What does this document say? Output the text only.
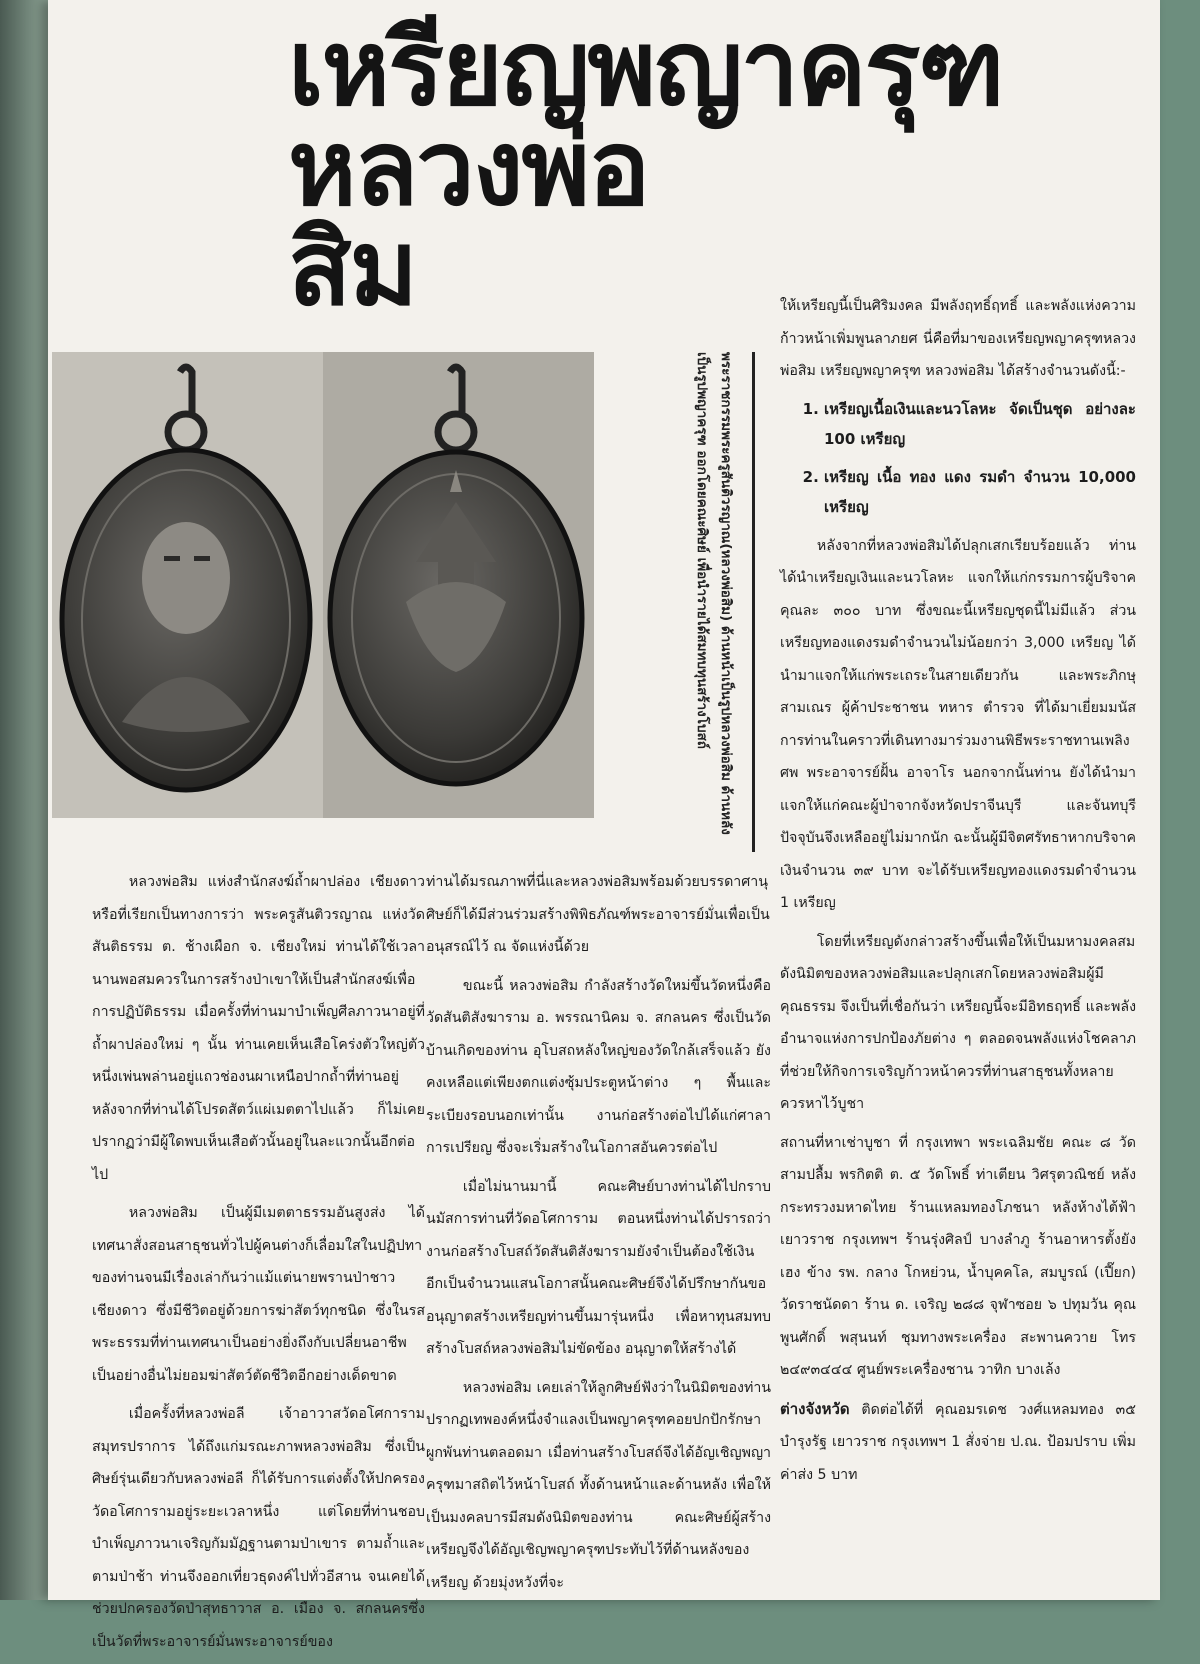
เหรียญพญาครุฑ
หลวงพ่อ
สิม
พระราชกรรมพระครูสันติวรญาณ(หลวงพ่อสิม) ด้านหน้าเป็นรูปหลวงพ่อสิม ด้านหลังเป็นรูปพญาครุฑ ออกโดยคณะศิษย์ เพื่อนำรายได้สมทบทุนสร้างโบสถ์

หลวงพ่อสิม แห่งสำนักสงฆ์ถ้ำผาปล่อง เชียงดาว หรือที่เรียกเป็นทางการว่า พระครูสันติวรญาณ แห่งวัดสันติธรรม ต. ช้างเผือก จ. เชียงใหม่ ท่านได้ใช้เวลานานพอสมควรในการสร้างป่าเขาให้เป็นสำนักสงฆ์เพื่อการปฏิบัติธรรม เมื่อครั้งที่ท่านมาบำเพ็ญศีลภาวนาอยู่ที่ถ้ำผาปล่องใหม่ ๆ นั้น ท่านเคยเห็นเสือโคร่งตัวใหญ่ตัวหนึ่งเพ่นพล่านอยู่แถวช่องนผาเหนือปากถ้ำที่ท่านอยู่ หลังจากที่ท่านได้โปรดสัตว์แผ่เมตตาไปแล้ว ก็ไม่เคยปรากฏว่ามีผู้ใดพบเห็นเสือตัวนั้นอยู่ในละแวกนั้นอีกต่อไป

หลวงพ่อสิม เป็นผู้มีเมตตาธรรมอันสูงส่ง ได้เทศนาสั่งสอนสาธุชนทั่วไปผู้คนต่างก็เลื่อมใสในปฏิปทาของท่านจนมีเรื่องเล่ากันว่าแม้แต่นายพรานป่าชาวเชียงดาว ซึ่งมีชีวิตอยู่ด้วยการฆ่าสัตว์ทุกชนิด ซึ่งในรสพระธรรมที่ท่านเทศนาเป็นอย่างยิ่งถึงกับเปลี่ยนอาชีพเป็นอย่างอื่นไม่ยอมฆ่าสัตว์ตัดชีวิตอีกอย่างเด็ดขาด

เมื่อครั้งที่หลวงพ่อลี เจ้าอาวาสวัดอโศการาม สมุทรปราการ ได้ถึงแก่มรณะภาพหลวงพ่อสิม ซึ่งเป็นศิษย์รุ่นเดียวกับหลวงพ่อลี ก็ได้รับการแต่งตั้งให้ปกครองวัดอโศการามอยู่ระยะเวลาหนึ่ง แต่โดยที่ท่านชอบบำเพ็ญภาวนาเจริญกัมมัฏฐานตามป่าเขาร ตามถ้ำและตามป่าช้า ท่านจึงออกเที่ยวธุดงค์ไปทั่วอีสาน จนเคยได้ช่วยปกครองวัดป่าสุทธาวาส อ. เมือง จ. สกลนครซึ่งเป็นวัดที่พระอาจารย์มั่นพระอาจารย์ของ

ท่านได้มรณภาพที่นี่และหลวงพ่อสิมพร้อมด้วยบรรดาศานุศิษย์ก็ได้มีส่วนร่วมสร้างพิพิธภัณฑ์พระอาจารย์มั่นเพื่อเป็นอนุสรณ์ไว้ ณ จัดแห่งนี้ด้วย

ขณะนี้ หลวงพ่อสิม กำลังสร้างวัดใหม่ขึ้นวัดหนึ่งคือวัดสันติสังฆาราม อ. พรรณานิคม จ. สกลนคร ซึ่งเป็นวัดบ้านเกิดของท่าน อุโบสถหลังใหญ่ของวัดใกล้เสร็จแล้ว ยังคงเหลือแต่เพียงตกแต่งซุ้มประตูหน้าต่าง ๆ พื้นและระเบียงรอบนอกเท่านั้น งานก่อสร้างต่อไปได้แก่ศาลาการเปรียญ ซึ่งจะเริ่มสร้างในโอกาสอันควรต่อไป

เมื่อไม่นานมานี้ คณะศิษย์บางท่านได้ไปกราบนมัสการท่านที่วัดอโศการาม ตอนหนึ่งท่านได้ปรารถว่างานก่อสร้างโบสถ์วัดสันติสังฆารามยังจำเป็นต้องใช้เงินอีกเป็นจำนวนแสนโอกาสนั้นคณะศิษย์จึงได้ปรึกษากันขออนุญาตสร้างเหรียญท่านขึ้นมารุ่นหนึ่ง เพื่อหาทุนสมทบสร้างโบสถ์หลวงพ่อสิมไม่ขัดข้อง อนุญาตให้สร้างได้

หลวงพ่อสิม เคยเล่าให้ลูกศิษย์ฟังว่าในนิมิตของท่านปรากฏเทพองค์หนึ่งจำแลงเป็นพญาครุฑคอยปกปักรักษาผูกพันท่านตลอดมา เมื่อท่านสร้างโบสถ์จึงได้อัญเชิญพญาครุฑมาสถิตไว้หน้าโบสถ์ ทั้งด้านหน้าและด้านหลัง เพื่อให้เป็นมงคลบารมีสมดังนิมิตของท่าน คณะศิษย์ผู้สร้างเหรียญจึงได้อัญเชิญพญาครุฑประทับไว้ที่ด้านหลังของเหรียญ ด้วยมุ่งหวังที่จะ

ให้เหรียญนี้เป็นศิริมงคล มีพลังฤทธิ์ฤทธิ์ และพลังแห่งความก้าวหน้าเพิ่มพูนลาภยศ นี่คือที่มาของเหรียญพญาครุฑหลวงพ่อสิม เหรียญพญาครุฑ หลวงพ่อสิม ได้สร้างจำนวนดังนี้:-

1. เหรียญเนื้อเงินและนวโลหะ จัดเป็นชุด อย่างละ 100 เหรียญ
2. เหรียญ เนื้อ ทอง แดง รมดำ จำนวน 10,000 เหรียญ

หลังจากที่หลวงพ่อสิมได้ปลุกเสกเรียบร้อยแล้ว ท่านได้นำเหรียญเงินและนวโลหะ แจกให้แก่กรรมการผู้บริจาคคุณละ ๓๐๐ บาท ซึ่งขณะนี้เหรียญชุดนี้ไม่มีแล้ว ส่วนเหรียญทองแดงรมดำจำนวนไม่น้อยกว่า 3,000 เหรียญ ได้นำมาแจกให้แก่พระเถระในสายเดียวกัน และพระภิกษุสามเณร ผู้ค้าประชาชน ทหาร ตำรวจ ที่ได้มาเยี่ยมมนัสการท่านในคราวที่เดินทางมาร่วมงานพิธีพระราชทานเพลิงศพ พระอาจารย์ฝั้น อาจาโร นอกจากนั้นท่าน ยังได้นำมาแจกให้แก่คณะผู้ป่าจากจังหวัดปราจีนบุรี และจันทบุรี ปัจจุบันจึงเหลืออยู่ไม่มากนัก ฉะนั้นผู้มีจิตศรัทธาหากบริจาคเงินจำนวน ๓๙ บาท จะได้รับเหรียญทองแดงรมดำจำนวน 1 เหรียญ

โดยที่เหรียญดังกล่าวสร้างขึ้นเพื่อให้เป็นมหามงคลสมดังนิมิตของหลวงพ่อสิมและปลุกเสกโดยหลวงพ่อสิมผู้มีคุณธรรม จึงเป็นที่เชื่อกันว่า เหรียญนี้จะมีอิทธฤทธิ์ และพลังอำนาจแห่งการปกป้องภัยต่าง ๆ ตลอดจนพลังแห่งโชคลาภที่ช่วยให้กิจการเจริญก้าวหน้าควรที่ท่านสาธุชนทั้งหลายควรหาไว้บูชา

สถานที่หาเช่าบูชา ที่ กรุงเทพา พระเฉลิมชัย คณะ ๘ วัดสามปลื้ม พรกิตติ ต. ๕ วัดโพธิ์ ท่าเตียน วิศรุตวณิชย์ หลังกระทรวงมหาดไทย ร้านแหลมทองโภชนา หลังห้างไต้ฟ้า เยาวราช กรุงเทพฯ ร้านรุ่งศิลป์ บางลำภู ร้านอาหารตั้งยังเฮง ข้าง รพ. กลาง โกหย่วน, น้ำบุคคโล, สมบูรณ์ (เปี๊ยก) วัดราชนัดดา ร้าน ด. เจริญ ๒๘๘ จุฬาซอย ๖ ปทุมวัน คุณพูนศักดิ์ พสุนนท์ ชุมทางพระเครื่อง สะพานควาย โทร ๒๔๙๓๔๔๔ ศูนย์พระเครื่องชาน วาทิก บางเล้ง

ต่างจังหวัด ติดต่อได้ที่ คุณอมรเดช วงศ์แหลมทอง ๓๕ บำรุงรัฐ เยาวราช กรุงเทพฯ 1 สั่งจ่าย ป.ณ. ป้อมปราบ เพิ่มค่าส่ง 5 บาท
